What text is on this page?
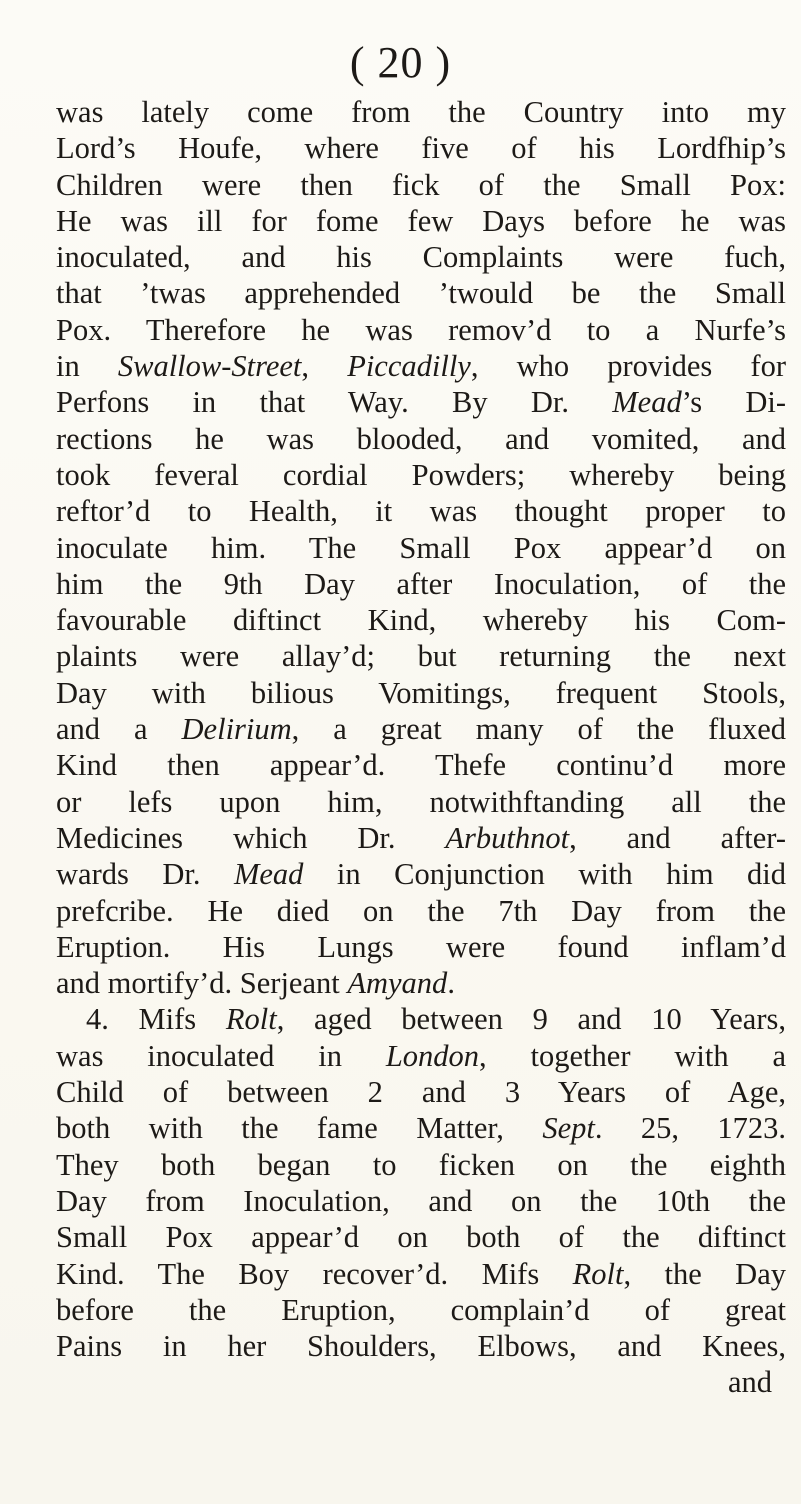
( 20 )
was lately come from the Country into my
Lord’s Houfe, where five of his Lordfhip’s
Children were then fick of the Small Pox:
He was ill for fome few Days before he was
inoculated, and his Complaints were fuch,
that ’twas apprehended ’twould be the Small
Pox. Therefore he was remov’d to a Nurfe’s
in Swallow-Street, Piccadilly, who provides for
Perfons in that Way. By Dr. Mead’s Di-
rections he was blooded, and vomited, and
took feveral cordial Powders; whereby being
reftor’d to Health, it was thought proper to
inoculate him. The Small Pox appear’d on
him the 9th Day after Inoculation, of the
favourable diftinct Kind, whereby his Com-
plaints were allay’d; but returning the next
Day with bilious Vomitings, frequent Stools,
and a Delirium, a great many of the fluxed
Kind then appear’d. Thefe continu’d more
or lefs upon him, notwithftanding all the
Medicines which Dr. Arbuthnot, and after-
wards Dr. Mead in Conjunction with him did
prefcribe. He died on the 7th Day from the
Eruption. His Lungs were found inflam’d
and mortify’d. Serjeant Amyand.
4. Mifs Rolt, aged between 9 and 10 Years,
was inoculated in London, together with a
Child of between 2 and 3 Years of Age,
both with the fame Matter, Sept. 25, 1723.
They both began to ficken on the eighth
Day from Inoculation, and on the 10th the
Small Pox appear’d on both of the diftinct
Kind. The Boy recover’d. Mifs Rolt, the Day
before the Eruption, complain’d of great
Pains in her Shoulders, Elbows, and Knees,
and
